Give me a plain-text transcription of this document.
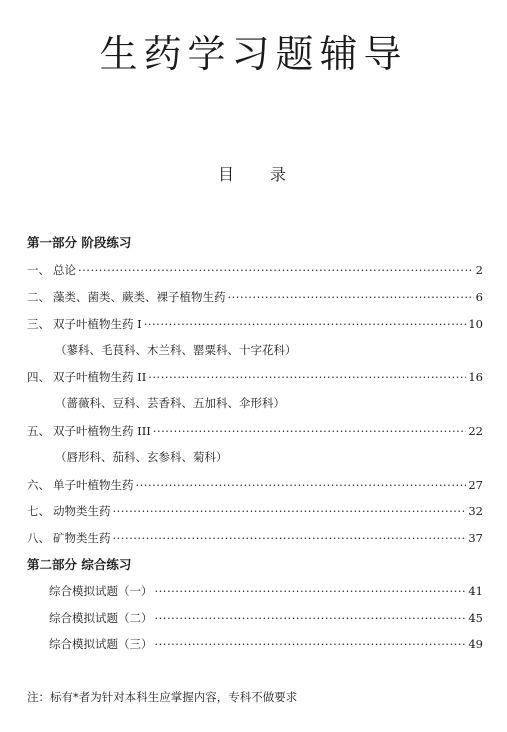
生药学习题辅导
目 录
第一部分 阶段练习
一、 总论 ·····	2
二、 藻类、菌类、蕨类、裸子植物生药 ·····	6
三、 双子叶植物生药 I ·····	10
（蓼科、毛茛科、木兰科、罂粟科、十字花科）
四、 双子叶植物生药 II ·····	16
（蔷薇科、豆科、芸香科、五加科、伞形科）
五、 双子叶植物生药 III ·····	22
（唇形科、茄科、玄参科、菊科）
六、 单子叶植物生药 ·····	27
七、 动物类生药 ·····	32
八、 矿物类生药 ·····	37
第二部分 综合练习
综合模拟试题（一） ·····	41
综合模拟试题（二） ·····	45
综合模拟试题（三） ·····	49
注：标有*者为针对本科生应掌握内容，专科不做要求
